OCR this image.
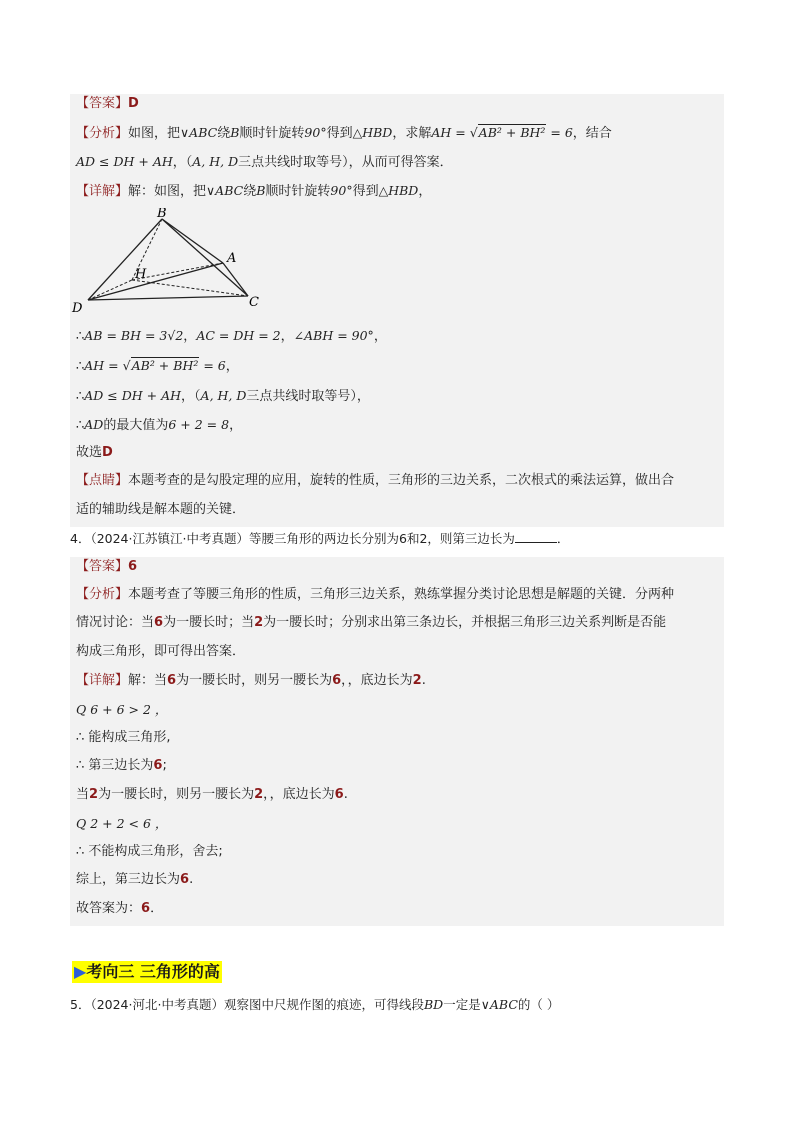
【答案】D
【分析】如图，把∨ABC绕B顺时针旋转90°得到△HBD，求解AH = √AB² + BH² = 6，结合
AD ≤ DH + AH，（A, H, D三点共线时取等号），从而可得答案．
【详解】解：如图，把∨ABC绕B顺时针旋转90°得到△HBD，
B
A
H
D	C
∴AB = BH = 3√2，AC = DH = 2，∠ABH = 90°，
∴AH = √AB² + BH² = 6，
∴AD ≤ DH + AH，（A, H, D三点共线时取等号），
∴AD的最大值为6 + 2 = 8，
故选D
【点睛】本题考查的是勾股定理的应用，旋转的性质，三角形的三边关系，二次根式的乘法运算，做出合
适的辅助线是解本题的关键．
4．（2024·江苏镇江·中考真题）等腰三角形的两边长分别为6和2，则第三边长为	．
【答案】6
【分析】本题考查了等腰三角形的性质，三角形三边关系，熟练掌握分类讨论思想是解题的关键．分两种
情况讨论：当6为一腰长时；当2为一腰长时；分别求出第三条边长，并根据三角形三边关系判断是否能
构成三角形，即可得出答案．
【详解】解：当6为一腰长时，则另一腰长为6，，底边长为2.
Q 6 + 6 > 2 ，
∴ 能构成三角形,
∴ 第三边长为6;
当2为一腰长时，则另一腰长为2，，底边长为6.
Q 2 + 2 < 6 ，
∴ 不能构成三角形，舍去;
综上，第三边长为6.
故答案为：6．
▶考向三 三角形的高
5．（2024·河北·中考真题）观察图中尺规作图的痕迹，可得线段BD一定是∨ABC的（ ）
